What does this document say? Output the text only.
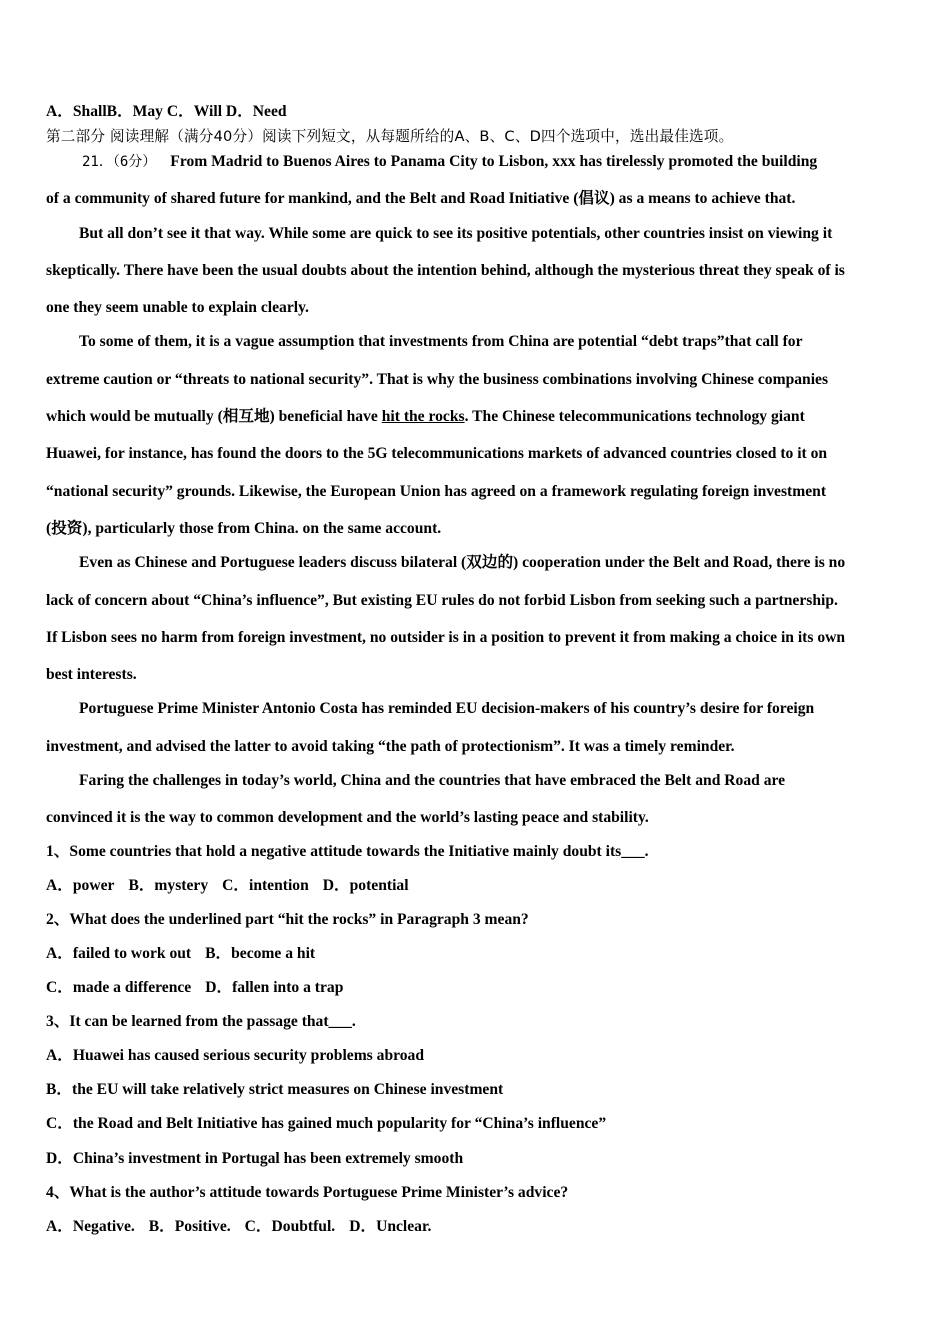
A．ShallB．May C．Will D．Need
第二部分 阅读理解（满分40分）阅读下列短文，从每题所给的A、B、C、D四个选项中，选出最佳选项。
21．（6分） From Madrid to Buenos Aires to Panama City to Lisbon, xxx has tirelessly promoted the building
of a community of shared future for mankind, and the Belt and Road Initiative (倡议) as a means to achieve that.
But all don’t see it that way. While some are quick to see its positive potentials, other countries insist on viewing it
skeptically. There have been the usual doubts about the intention behind, although the mysterious threat they speak of is
one they seem unable to explain clearly.
To some of them, it is a vague assumption that investments from China are potential “debt traps”that call for
extreme caution or “threats to national security”. That is why the business combinations involving Chinese companies
which would be mutually (相互地) beneficial have hit the rocks. The Chinese telecommunications technology giant
Huawei, for instance, has found the doors to the 5G telecommunications markets of advanced countries closed to it on
“national security” grounds. Likewise, the European Union has agreed on a framework regulating foreign investment
(投资), particularly those from China. on the same account.
Even as Chinese and Portuguese leaders discuss bilateral (双边的) cooperation under the Belt and Road, there is no
lack of concern about “China’s influence”, But existing EU rules do not forbid Lisbon from seeking such a partnership.
If Lisbon sees no harm from foreign investment, no outsider is in a position to prevent it from making a choice in its own
best interests.
Portuguese Prime Minister Antonio Costa has reminded EU decision-makers of his country’s desire for foreign
investment, and advised the latter to avoid taking “the path of protectionism”. It was a timely reminder.
Faring the challenges in today’s world, China and the countries that have embraced the Belt and Road are
convinced it is the way to common development and the world’s lasting peace and stability.
1、Some countries that hold a negative attitude towards the Initiative mainly doubt its___.
A．power B．mystery C．intention D．potential
2、What does the underlined part “hit the rocks” in Paragraph 3 mean?
A．failed to work out B．become a hit
C．made a difference D．fallen into a trap
3、It can be learned from the passage that___.
A．Huawei has caused serious security problems abroad
B．the EU will take relatively strict measures on Chinese investment
C．the Road and Belt Initiative has gained much popularity for “China’s influence”
D．China’s investment in Portugal has been extremely smooth
4、What is the author’s attitude towards Portuguese Prime Minister’s advice?
A．Negative. B．Positive. C．Doubtful. D．Unclear.
